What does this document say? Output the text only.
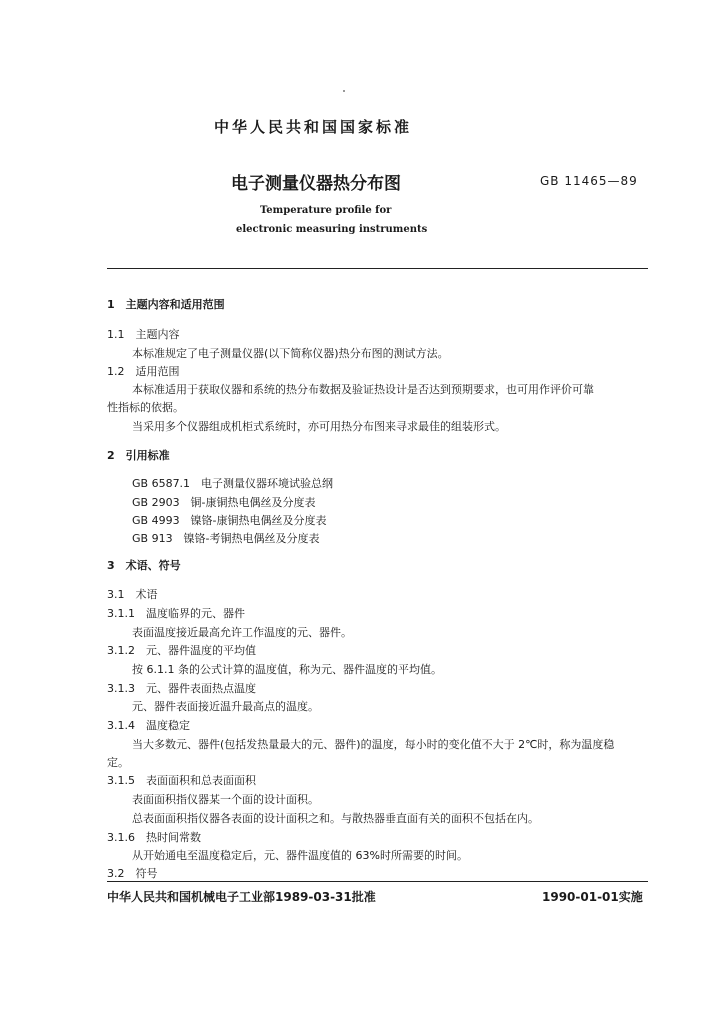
中华人民共和国国家标准
电子测量仪器热分布图	GB 11465—89
Temperature profile for
electronic measuring instruments
1　主题内容和适用范围
1.1　主题内容
本标准规定了电子测量仪器(以下简称仪器)热分布图的测试方法。
1.2　适用范围
本标准适用于获取仪器和系统的热分布数据及验证热设计是否达到预期要求，也可用作评价可靠
性指标的依据。
当采用多个仪器组成机柜式系统时，亦可用热分布图来寻求最佳的组装形式。
2　引用标准
GB 6587.1　电子测量仪器环境试验总纲
GB 2903　铜-康铜热电偶丝及分度表
GB 4993　镍铬-康铜热电偶丝及分度表
GB 913　镍铬-考铜热电偶丝及分度表
3　术语、符号
3.1　术语
3.1.1　温度临界的元、器件
表面温度接近最高允许工作温度的元、器件。
3.1.2　元、器件温度的平均值
按 6.1.1 条的公式计算的温度值，称为元、器件温度的平均值。
3.1.3　元、器件表面热点温度
元、器件表面接近温升最高点的温度。
3.1.4　温度稳定
当大多数元、器件(包括发热量最大的元、器件)的温度，每小时的变化值不大于 2℃时，称为温度稳
定。
3.1.5　表面面积和总表面面积
表面面积指仪器某一个面的设计面积。
总表面面积指仪器各表面的设计面积之和。与散热器垂直面有关的面积不包括在内。
3.1.6　热时间常数
从开始通电至温度稳定后，元、器件温度值的 63%时所需要的时间。
3.2　符号
中华人民共和国机械电子工业部1989-03-31批准	1990-01-01实施
